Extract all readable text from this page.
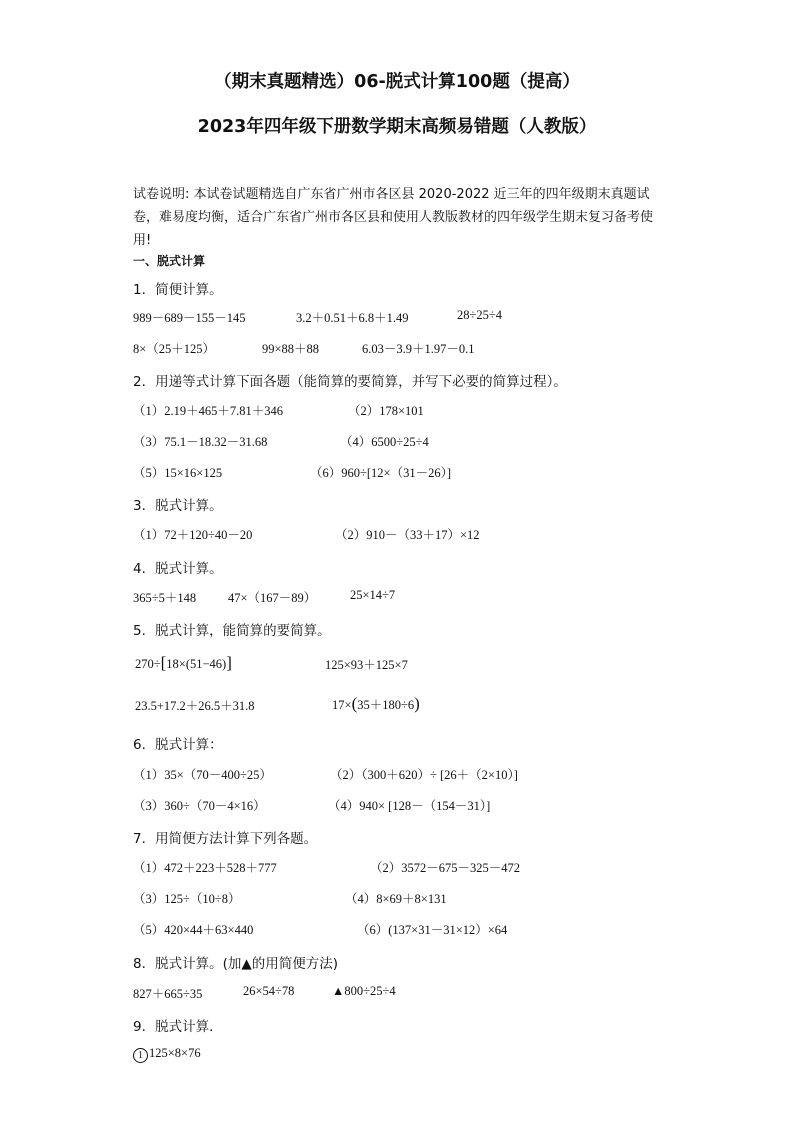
（期末真题精选）06-脱式计算100题（提高）
2023年四年级下册数学期末高频易错题（人教版）
试卷说明: 本试卷试题精选自广东省广州市各区县 2020-2022 近三年的四年级期末真题试卷，难易度均衡，适合广东省广州市各区县和使用人教版教材的四年级学生期末复习备考使用!
一、脱式计算
1．简便计算。
989－689－155－145	3.2＋0.51＋6.8＋1.49	28÷25÷4
8×（25＋125）	99×88＋88	6.03－3.9＋1.97－0.1
2．用递等式计算下面各题（能简算的要简算，并写下必要的简算过程）。
（1）2.19＋465＋7.81＋346	（2）178×101
（3）75.1－18.32－31.68	（4）6500÷25÷4
（5）15×16×125	（6）960÷[12×（31－26）]
3．脱式计算。
（1）72＋120÷40－20	（2）910－（33＋17）×12
4．脱式计算。
365÷5＋148	47×（167－89）	25×14÷7
5．脱式计算，能简算的要简算。
270÷[18×(51−46)]	125×93＋125×7
23.5+17.2＋26.5＋31.8	17×(35＋180÷6)
6．脱式计算：
（1）35×（70－400÷25）	（2）（300＋620）÷ [26＋（2×10）]
（3）360÷（70－4×16）	（4）940× [128－（154－31）]
7．用简便方法计算下列各题。
（1）472＋223＋528＋777	（2）3572－675－325－472
（3）125÷（10÷8）	（4）8×69＋8×131
（5）420×44＋63×440	（6）(137×31－31×12）×64
8．脱式计算。(加▲的用简便方法)
827＋665÷35	26×54÷78	▲800÷25÷4
9．脱式计算．
1 125×8×76
